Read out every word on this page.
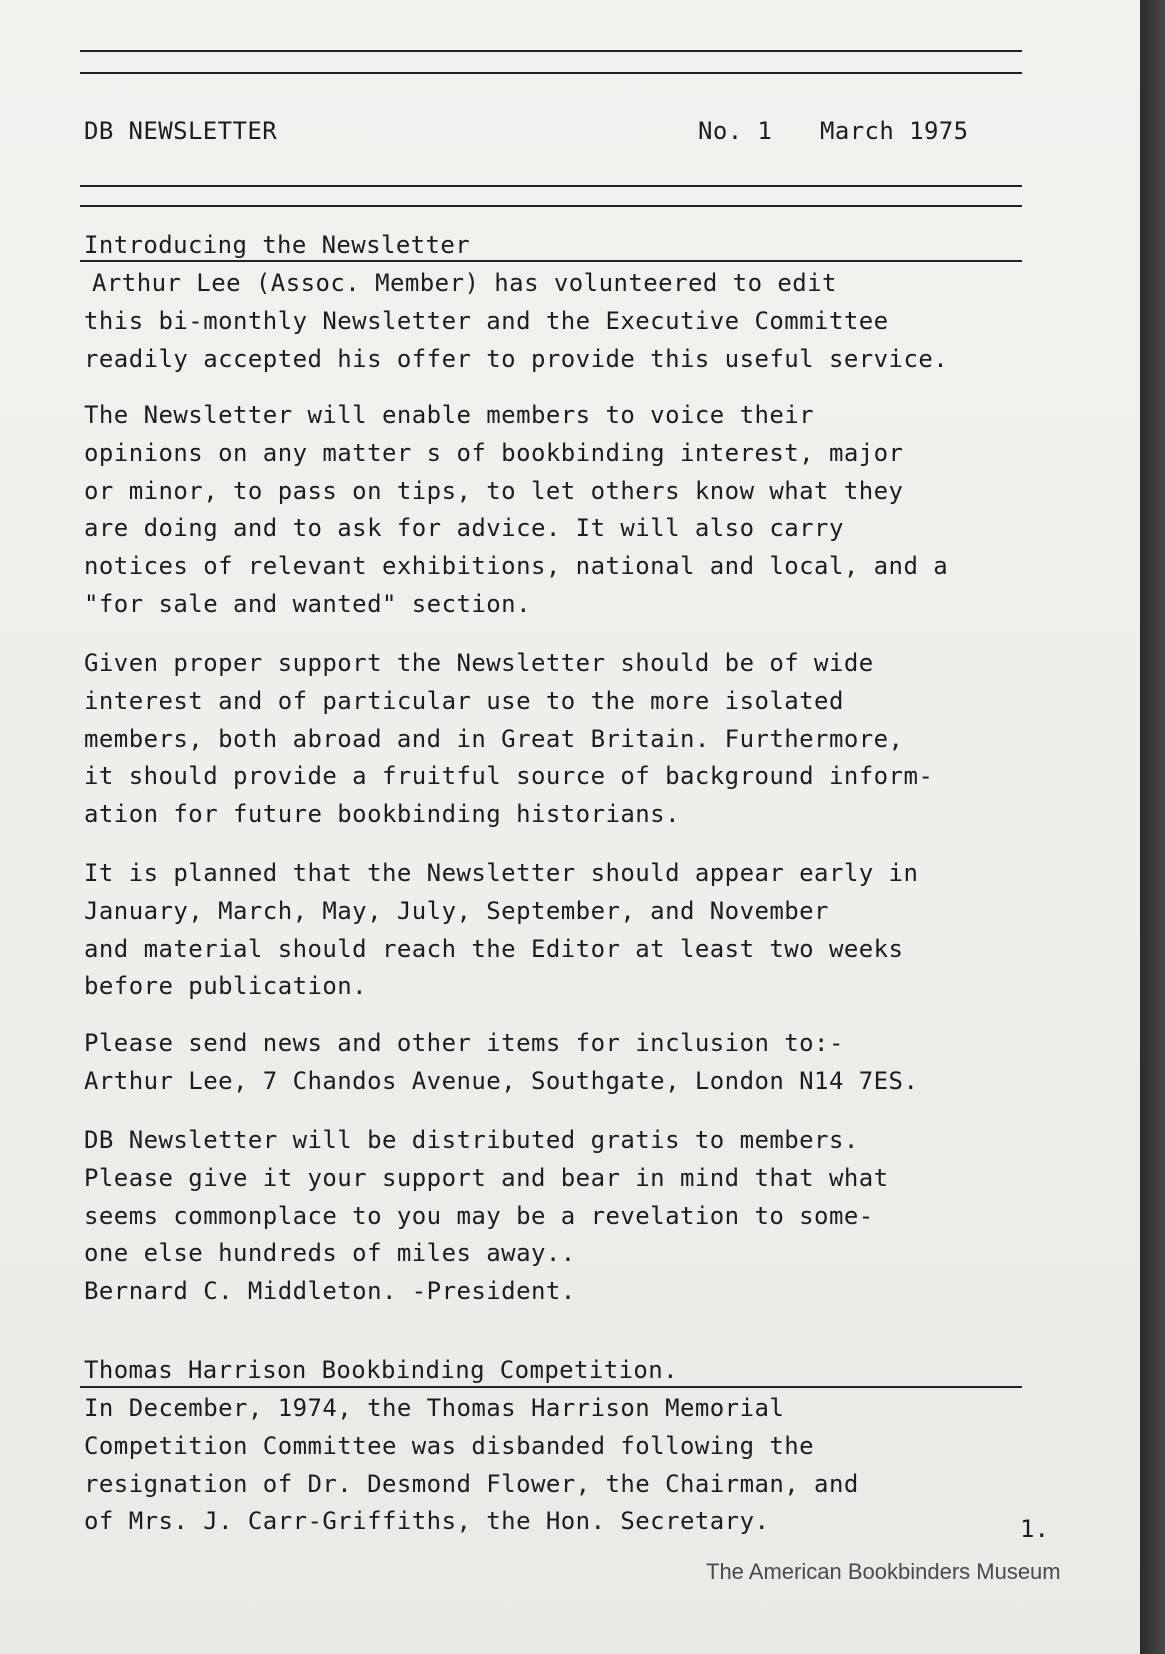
DB NEWSLETTER	No. 1 March 1975
Introducing the Newsletter
Arthur Lee (Assoc. Member) has volunteered to edit
this bi-monthly Newsletter and the Executive Committee
readily accepted his offer to provide this useful service.
The Newsletter will enable members to voice their
opinions on any matter s of bookbinding interest, major
or minor, to pass on tips, to let others know what they
are doing and to ask for advice. It will also carry
notices of relevant exhibitions, national and local, and a
"for sale and wanted" section.
Given proper support the Newsletter should be of wide
interest and of particular use to the more isolated
members, both abroad and in Great Britain. Furthermore,
it should provide a fruitful source of background inform-
ation for future bookbinding historians.
It is planned that the Newsletter should appear early in
January, March, May, July, September, and November
and material should reach the Editor at least two weeks
before publication.
Please send news and other items for inclusion to:-
Arthur Lee, 7 Chandos Avenue, Southgate, London N14 7ES.
DB Newsletter will be distributed gratis to members.
Please give it your support and bear in mind that what
seems commonplace to you may be a revelation to some-
one else hundreds of miles away..
Bernard C. Middleton. -President.
Thomas Harrison Bookbinding Competition.
In December, 1974, the Thomas Harrison Memorial
Competition Committee was disbanded following the
resignation of Dr. Desmond Flower, the Chairman, and
of Mrs. J. Carr-Griffiths, the Hon. Secretary.	1.
The American Bookbinders Museum
